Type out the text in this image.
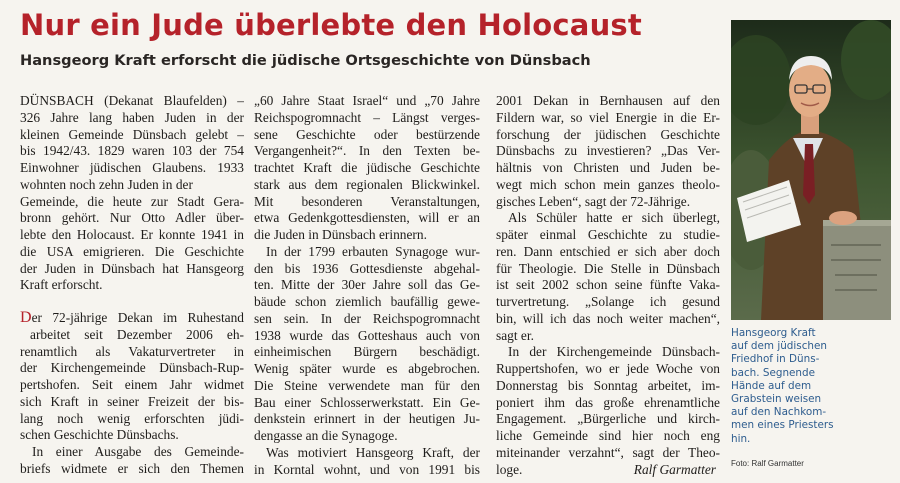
Nur ein Jude überlebte den Holocaust
Hansgeorg Kraft erforscht die jüdische Ortsgeschichte von Dünsbach
DÜNSBACH (Dekanat Blaufelden) –
326 Jahre lang haben Juden in der
kleinen Gemeinde Dünsbach gelebt –
bis 1942/43. 1829 waren 103 der 754
Einwohner jüdischen Glaubens. 1933
wohnten noch zehn Juden in der
Gemeinde, die heute zur Stadt Gera-
bronn gehört. Nur Otto Adler über-
lebte den Holocaust. Er konnte 1941 in
die USA emigrieren. Die Geschichte
der Juden in Dünsbach hat Hansgeorg
Kraft erforscht.
Der 72-jährige Dekan im Ruhestand
arbeitet seit Dezember 2006 eh-
renamtlich als Vakaturvertreter in
der Kirchengemeinde Dünsbach-Rup-
pertshofen. Seit einem Jahr widmet
sich Kraft in seiner Freizeit der bis-
lang noch wenig erforschten jüdi-
schen Geschichte Dünsbachs.
In einer Ausgabe des Gemeinde-
briefs widmete er sich den Themen
„60 Jahre Staat Israel“ und „70 Jahre
Reichspogromnacht – Längst verges-
sene Geschichte oder bestürzende
Vergangenheit?“. In den Texten be-
trachtet Kraft die jüdische Geschichte
stark aus dem regionalen Blickwinkel.
Mit besonderen Veranstaltungen,
etwa Gedenkgottesdiensten, will er an
die Juden in Dünsbach erinnern.
In der 1799 erbauten Synagoge wur-
den bis 1936 Gottesdienste abgehal-
ten. Mitte der 30er Jahre soll das Ge-
bäude schon ziemlich baufällig gewe-
sen sein. In der Reichspogromnacht
1938 wurde das Gotteshaus auch von
einheimischen Bürgern beschädigt.
Wenig später wurde es abgebrochen.
Die Steine verwendete man für den
Bau einer Schlosserwerkstatt. Ein Ge-
denkstein erinnert in der heutigen Ju-
dengasse an die Synagoge.
Was motiviert Hansgeorg Kraft, der
in Korntal wohnt, und von 1991 bis
2001 Dekan in Bernhausen auf den
Fildern war, so viel Energie in die Er-
forschung der jüdischen Geschichte
Dünsbachs zu investieren? „Das Ver-
hältnis von Christen und Juden be-
wegt mich schon mein ganzes theolo-
gisches Leben“, sagt der 72-Jährige.
Als Schüler hatte er sich überlegt,
später einmal Geschichte zu studie-
ren. Dann entschied er sich aber doch
für Theologie. Die Stelle in Dünsbach
ist seit 2002 schon seine fünfte Vaka-
turvertretung. „Solange ich gesund
bin, will ich das noch weiter machen“,
sagt er.
In der Kirchengemeinde Dünsbach-
Ruppertshofen, wo er jede Woche von
Donnerstag bis Sonntag arbeitet, im-
poniert ihm das große ehrenamtliche
Engagement. „Bürgerliche und kirch-
liche Gemeinde sind hier noch eng
miteinander verzahnt“, sagt der Theo-
loge.	Ralf Garmatter
Hansgeorg Kraft
auf dem jüdischen
Friedhof in Düns-
bach. Segnende
Hände auf dem
Grabstein weisen
auf den Nachkom-
men eines Priesters
hin.
Foto: Ralf Garmatter
